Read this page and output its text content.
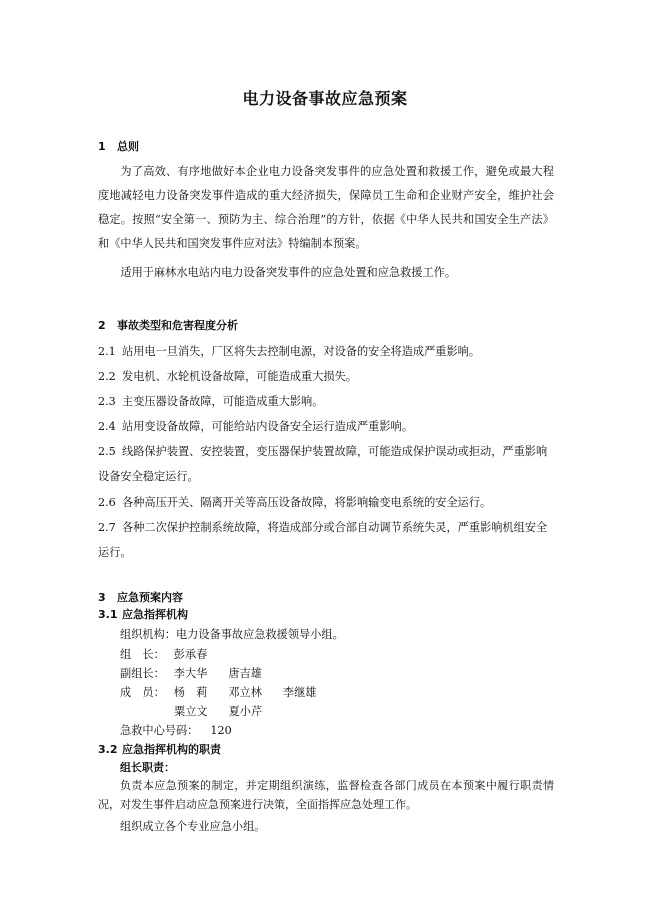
电力设备事故应急预案
1 总则
为了高效、有序地做好本企业电力设备突发事件的应急处置和救援工作，避免或最大程度地减轻电力设备突发事件造成的重大经济损失，保障员工生命和企业财产安全，维护社会稳定。按照“安全第一、预防为主、综合治理”的方针，依据《中华人民共和国安全生产法》和《中华人民共和国突发事件应对法》特编制本预案。
适用于麻林水电站内电力设备突发事件的应急处置和应急救援工作。
2 事故类型和危害程度分析
2.1 站用电一旦消失，厂区将失去控制电源，对设备的安全将造成严重影响。
2.2 发电机、水轮机设备故障，可能造成重大损失。
2.3 主变压器设备故障，可能造成重大影响。
2.4 站用变设备故障，可能给站内设备安全运行造成严重影响。
2.5 线路保护装置、安控装置，变压器保护装置故障，可能造成保护误动或拒动，严重影响设备安全稳定运行。
2.6 各种高压开关、隔离开关等高压设备故障，将影响输变电系统的安全运行。
2.7 各种二次保护控制系统故障，将造成部分或合部自动调节系统失灵，严重影响机组安全运行。
3 应急预案内容
3.1 应急指挥机构
组织机构：电力设备事故应急救援领导小组。
组　长： 彭承春
副组长： 李大华 唐吉雄
成　员： 杨　莉 邓立林 李继雄
粟立文 夏小芹
急救中心号码： 120
3.2 应急指挥机构的职责
组长职责：
负责本应急预案的制定，并定期组织演练，监督检查各部门成员在本预案中履行职责情况，对发生事件启动应急预案进行决策，全面指挥应急处理工作。
组织成立各个专业应急小组。
